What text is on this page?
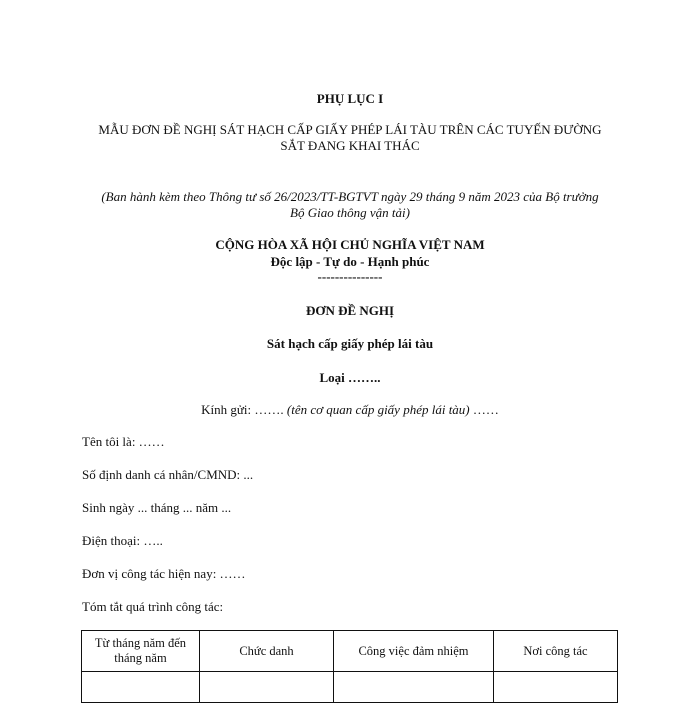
PHỤ LỤC I
MẪU ĐƠN ĐỀ NGHỊ SÁT HẠCH CẤP GIẤY PHÉP LÁI TÀU TRÊN CÁC TUYẾN ĐƯỜNG
SẮT ĐANG KHAI THÁC
(Ban hành kèm theo Thông tư số 26/2023/TT-BGTVT ngày 29 tháng 9 năm 2023 của Bộ trưởng
Bộ Giao thông vận tải)
CỘNG HÒA XÃ HỘI CHỦ NGHĨA VIỆT NAM
Độc lập - Tự do - Hạnh phúc
---------------
ĐƠN ĐỀ NGHỊ
Sát hạch cấp giấy phép lái tàu
Loại ……..
Kính gửi: ……. (tên cơ quan cấp giấy phép lái tàu) ……
Tên tôi là: ……
Số định danh cá nhân/CMND: ...
Sinh ngày ... tháng ... năm ...
Điện thoại: …..
Đơn vị công tác hiện nay: ……
Tóm tắt quá trình công tác:
Từ tháng năm đến tháng năm	Chức danh	Công việc đảm nhiệm	Nơi công tác
